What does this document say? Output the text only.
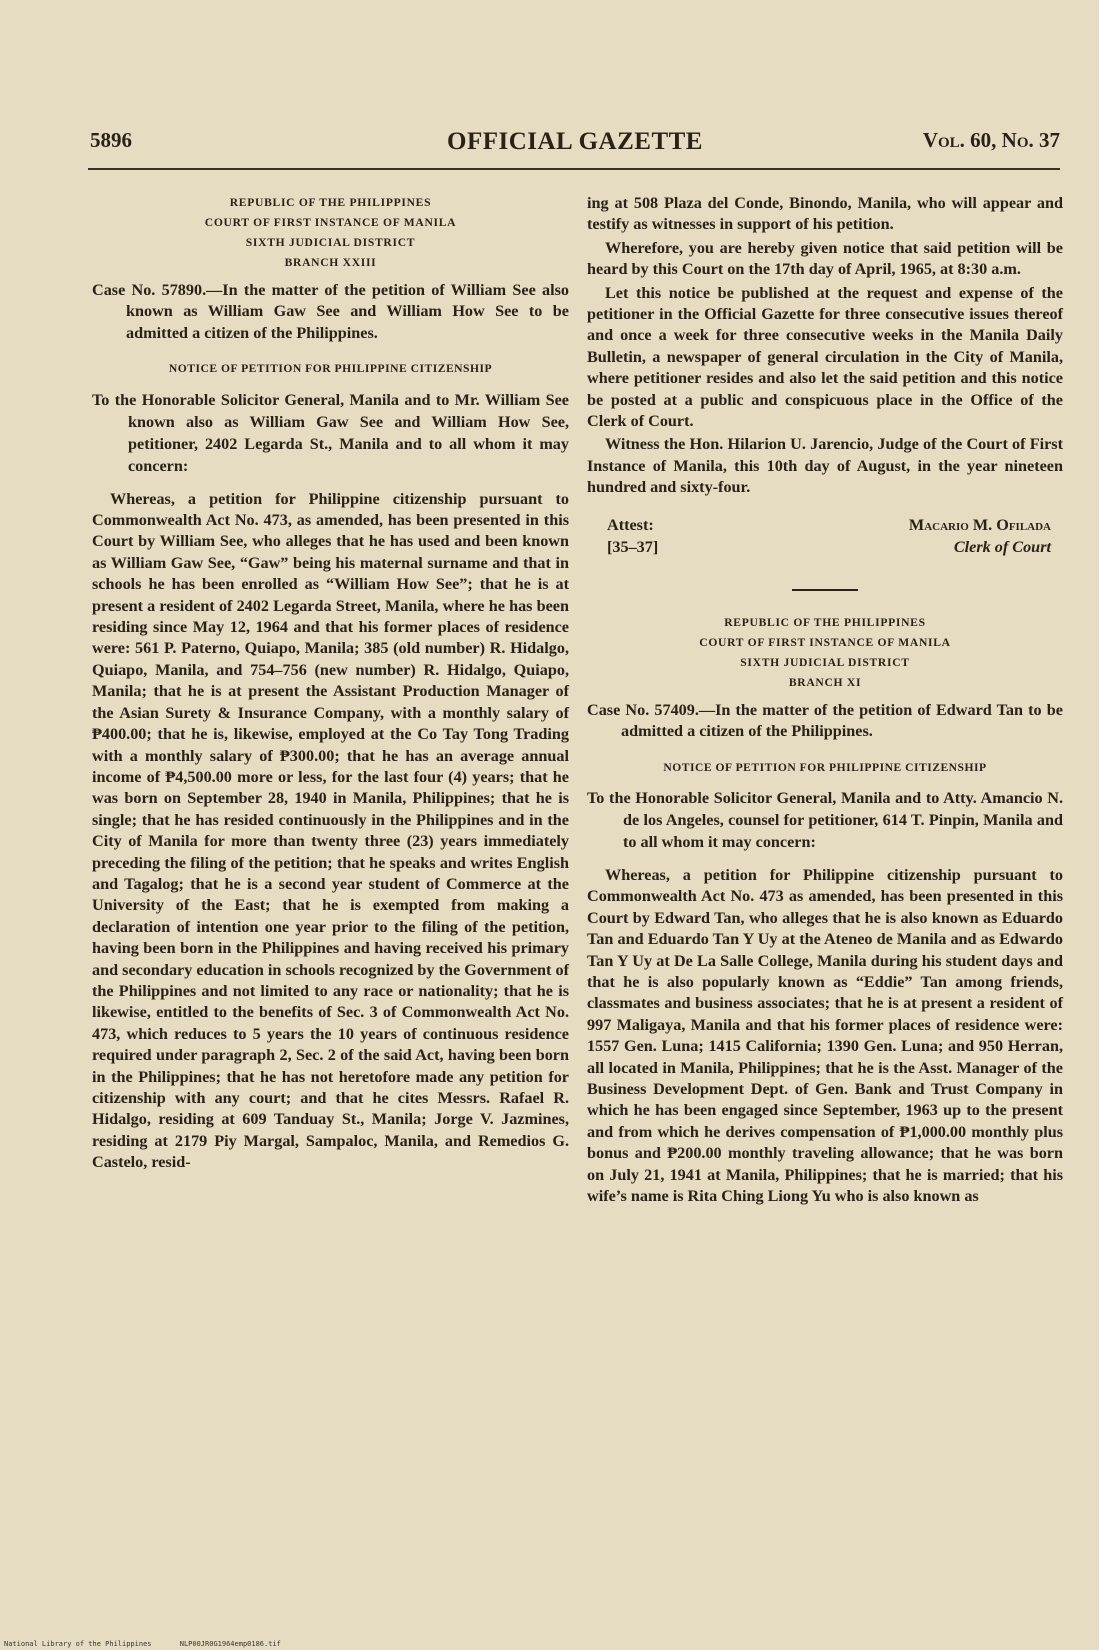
5896	OFFICIAL GAZETTE	Vol. 60, No. 37

REPUBLIC OF THE PHILIPPINES

COURT OF FIRST INSTANCE OF MANILA

SIXTH JUDICIAL DISTRICT

BRANCH XXIII

Case No. 57890.—In the matter of the petition of William See also known as William Gaw See and William How See to be admitted a citizen of the Philippines.

NOTICE OF PETITION FOR PHILIPPINE CITIZENSHIP

To the Honorable Solicitor General, Manila and to Mr. William See known also as William Gaw See and William How See, petitioner, 2402 Legarda St., Manila and to all whom it may concern:

Whereas, a petition for Philippine citizenship pursuant to Commonwealth Act No. 473, as amended, has been presented in this Court by William See, who alleges that he has used and been known as William Gaw See, “Gaw” being his maternal surname and that in schools he has been enrolled as “William How See”; that he is at present a resident of 2402 Legarda Street, Manila, where he has been residing since May 12, 1964 and that his former places of residence were: 561 P. Paterno, Quiapo, Manila; 385 (old number) R. Hidalgo, Quiapo, Manila, and 754–756 (new number) R. Hidalgo, Quiapo, Manila; that he is at present the Assistant Production Manager of the Asian Surety & Insurance Company, with a monthly salary of ₱400.00; that he is, likewise, employed at the Co Tay Tong Trading with a monthly salary of ₱300.00; that he has an average annual income of ₱4,500.00 more or less, for the last four (4) years; that he was born on September 28, 1940 in Manila, Philippines; that he is single; that he has resided continuously in the Philippines and in the City of Manila for more than twenty three (23) years immediately preceding the filing of the petition; that he speaks and writes English and Tagalog; that he is a second year student of Commerce at the University of the East; that he is exempted from making a declaration of intention one year prior to the filing of the petition, having been born in the Philippines and having received his primary and secondary education in schools recognized by the Government of the Philippines and not limited to any race or nationality; that he is likewise, entitled to the benefits of Sec. 3 of Commonwealth Act No. 473, which reduces to 5 years the 10 years of continuous residence required under paragraph 2, Sec. 2 of the said Act, having been born in the Philippines; that he has not heretofore made any petition for citizenship with any court; and that he cites Messrs. Rafael R. Hidalgo, residing at 609 Tanduay St., Manila; Jorge V. Jazmines, residing at 2179 Piy Margal, Sampaloc, Manila, and Remedios G. Castelo, resid-

ing at 508 Plaza del Conde, Binondo, Manila, who will appear and testify as witnesses in support of his petition.

Wherefore, you are hereby given notice that said petition will be heard by this Court on the 17th day of April, 1965, at 8:30 a.m.

Let this notice be published at the request and expense of the petitioner in the Official Gazette for three consecutive issues thereof and once a week for three consecutive weeks in the Manila Daily Bulletin, a newspaper of general circulation in the City of Manila, where petitioner resides and also let the said petition and this notice be posted at a public and conspicuous place in the Office of the Clerk of Court.

Witness the Hon. Hilarion U. Jarencio, Judge of the Court of First Instance of Manila, this 10th day of August, in the year nineteen hundred and sixty-four.

Attest:
[35–37]
Macario M. Ofilada
Clerk of Court

REPUBLIC OF THE PHILIPPINES

COURT OF FIRST INSTANCE OF MANILA

SIXTH JUDICIAL DISTRICT

BRANCH XI

Case No. 57409.—In the matter of the petition of Edward Tan to be admitted a citizen of the Philippines.

NOTICE OF PETITION FOR PHILIPPINE CITIZENSHIP

To the Honorable Solicitor General, Manila and to Atty. Amancio N. de los Angeles, counsel for petitioner, 614 T. Pinpin, Manila and to all whom it may concern:

Whereas, a petition for Philippine citizenship pursuant to Commonwealth Act No. 473 as amended, has been presented in this Court by Edward Tan, who alleges that he is also known as Eduardo Tan and Eduardo Tan Y Uy at the Ateneo de Manila and as Edwardo Tan Y Uy at De La Salle College, Manila during his student days and that he is also popularly known as “Eddie” Tan among friends, classmates and business associates; that he is at present a resident of 997 Maligaya, Manila and that his former places of residence were: 1557 Gen. Luna; 1415 California; 1390 Gen. Luna; and 950 Herran, all located in Manila, Philippines; that he is the Asst. Manager of the Business Development Dept. of Gen. Bank and Trust Company in which he has been engaged since September, 1963 up to the present and from which he derives compensation of ₱1,000.00 monthly plus bonus and ₱200.00 monthly traveling allowance; that he was born on July 21, 1941 at Manila, Philippines; that he is married; that his wife’s name is Rita Ching Liong Yu who is also known as

National Library of the Philippines	NLP00JR0G1964emp0186.tif
